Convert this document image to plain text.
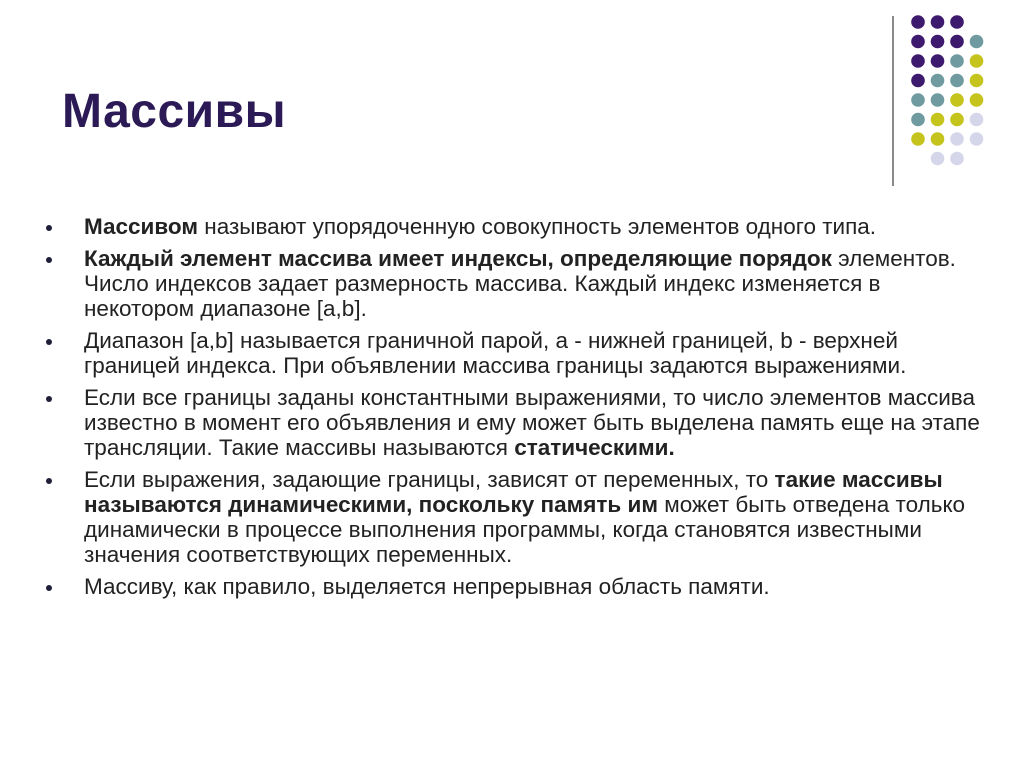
Массивы
Массивом называют упорядоченную совокупность элементов одного типа.
Каждый элемент массива имеет индексы, определяющие порядок элементов. Число индексов задает размерность массива. Каждый индекс изменяется в некотором диапазоне [a,b].
Диапазон [a,b] называется граничной парой, a - нижней границей, b - верхней границей индекса. При объявлении массива границы задаются выражениями.
Если все границы заданы константными выражениями, то число элементов массива известно в момент его объявления и ему может быть выделена память еще на этапе трансляции. Такие массивы называются статическими.
Если выражения, задающие границы, зависят от переменных, то такие массивы называются динамическими, поскольку память им может быть отведена только динамически в процессе выполнения программы, когда становятся известными значения соответствующих переменных.
Массиву, как правило, выделяется непрерывная область памяти.
